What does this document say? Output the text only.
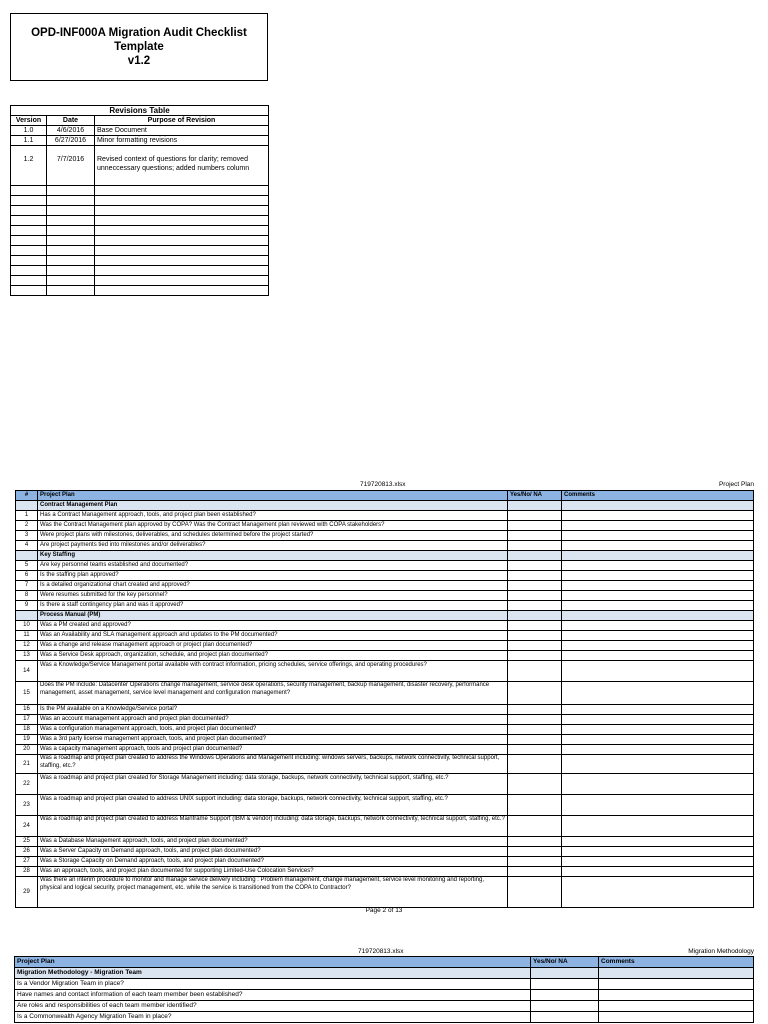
OPD-INF000A Migration Audit Checklist Template
v1.2
Revisions Table		
Version	Date	Purpose of Revision
1.0	4/6/2016	Base Document
1.1	6/27/2016	Minor formatting revisions
1.2	7/7/2016	Revised context of questions for clarity; removed unneccessary questions; added numbers column

719720813.xlsx	Project Plan
#	Project Plan	Yes/No/ NA	Comments
	Contract Management Plan		
1	Has a Contract Management approach, tools, and project plan been established?		
2	Was the Contract Management plan approved by COPA? Was the Contract Management plan reviewed with COPA stakeholders?		
3	Were project plans with milestones, deliverables, and schedules determined before the project started?		
4	Are project payments tied into milestones and/or deliverables?		
	Key Staffing		
5	Are key personnel teams established and documented?		
6	Is the staffing plan approved?		
7	Is a detailed organizational chart created and approved?		
8	Were resumes submitted for the key personnel?		
9	Is there a staff contingency plan and was it approved?		
	Process Manual (PM)		
10	Was a PM created and approved?		
11	Was an Availability and SLA management approach and updates to the PM documented?		
12	Was a change and release management approach or project plan documented?		
13	Was a Service Desk approach, organization, schedule, and project plan documented?		
14	Was a Knowledge/Service Management portal available with contract information, pricing schedules, service offerings, and operating procedures?		
15	Does the PM include: Datacenter Operations change management, service desk operations, security management, backup management, disaster recovery, performance management, asset management, service level management and configuration management?		
16	Is the PM available on a Knowledge/Service portal?		
17	Was an account management approach and project plan documented?		
18	Was a configuration management approach, tools, and project plan documented?		
19	Was a 3rd party license management approach, tools, and project plan documented?		
20	Was a capacity management approach, tools and project plan documented?		
21	Was a roadmap and project plan created to address the Windows Operations and Management including: windows servers, backups, network connectivity, technical support, staffing, etc.?		
22	Was a roadmap and project plan created for Storage Management including: data storage, backups, network connectivity, technical support, staffing, etc.?		
23	Was a roadmap and project plan created to address UNIX support including: data storage, backups, network connectivity, technical support, staffing, etc.?		
24	Was a roadmap and project plan created to address Mainframe Support (IBM & vendor) including: data storage, backups, network connectivity, technical support, staffing, etc.?		
25	Was a Database Management approach, tools, and project plan documented?		
26	Was a Server Capacity on Demand approach, tools, and project plan documented?		
27	Was a Storage Capacity on Demand approach, tools, and project plan documented?		
28	Was an approach, tools, and project plan documented for supporting Limited-Use Colocation Services?		
29	Was there an interim procedure to monitor and manage service delivery including : Problem management, change management, service level monitoring and reporting, physical and logical security, project management, etc. while the service is transitioned from the COPA to Contractor?		
Page 2 of 13
719720813.xlsx	Migration Methodology
Project Plan	Yes/No/ NA	Comments
Migration Methodology - Migration Team		
Is a Vendor Migration Team in place?		
Have names and contact information of each team member been established?		
Are roles and responsibilities of each team member identified?		
Is a Commonwealth Agency Migration Team in place?		
